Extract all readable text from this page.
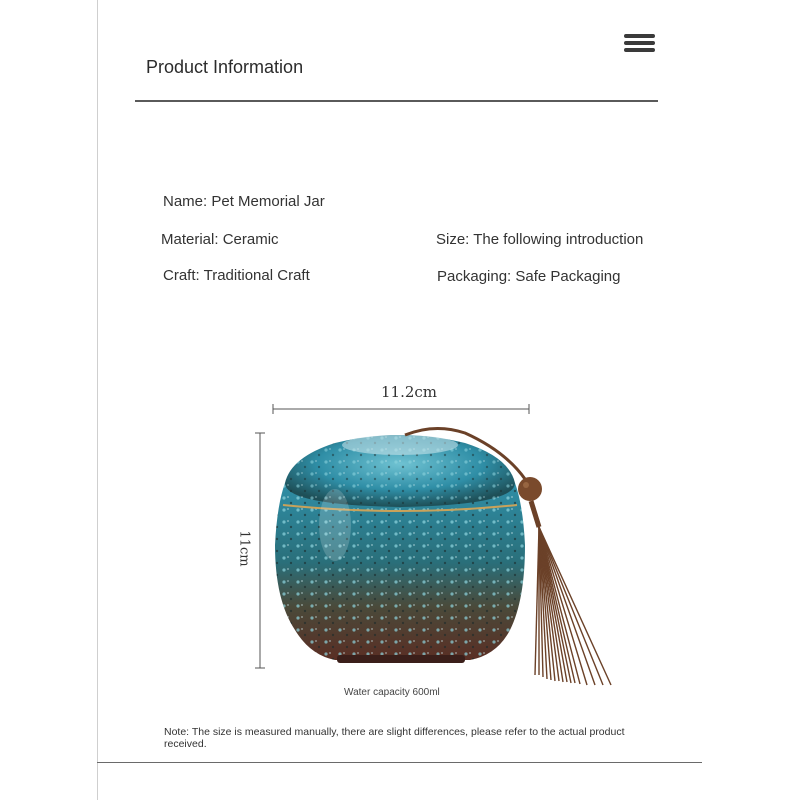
Product Information
Name: Pet Memorial Jar
Material: Ceramic	Size: The following introduction
Craft: Traditional Craft	Packaging: Safe Packaging
11.2cm
11cm
Water capacity 600ml
Note: The size is measured manually, there are slight differences, please refer to the actual product received.
